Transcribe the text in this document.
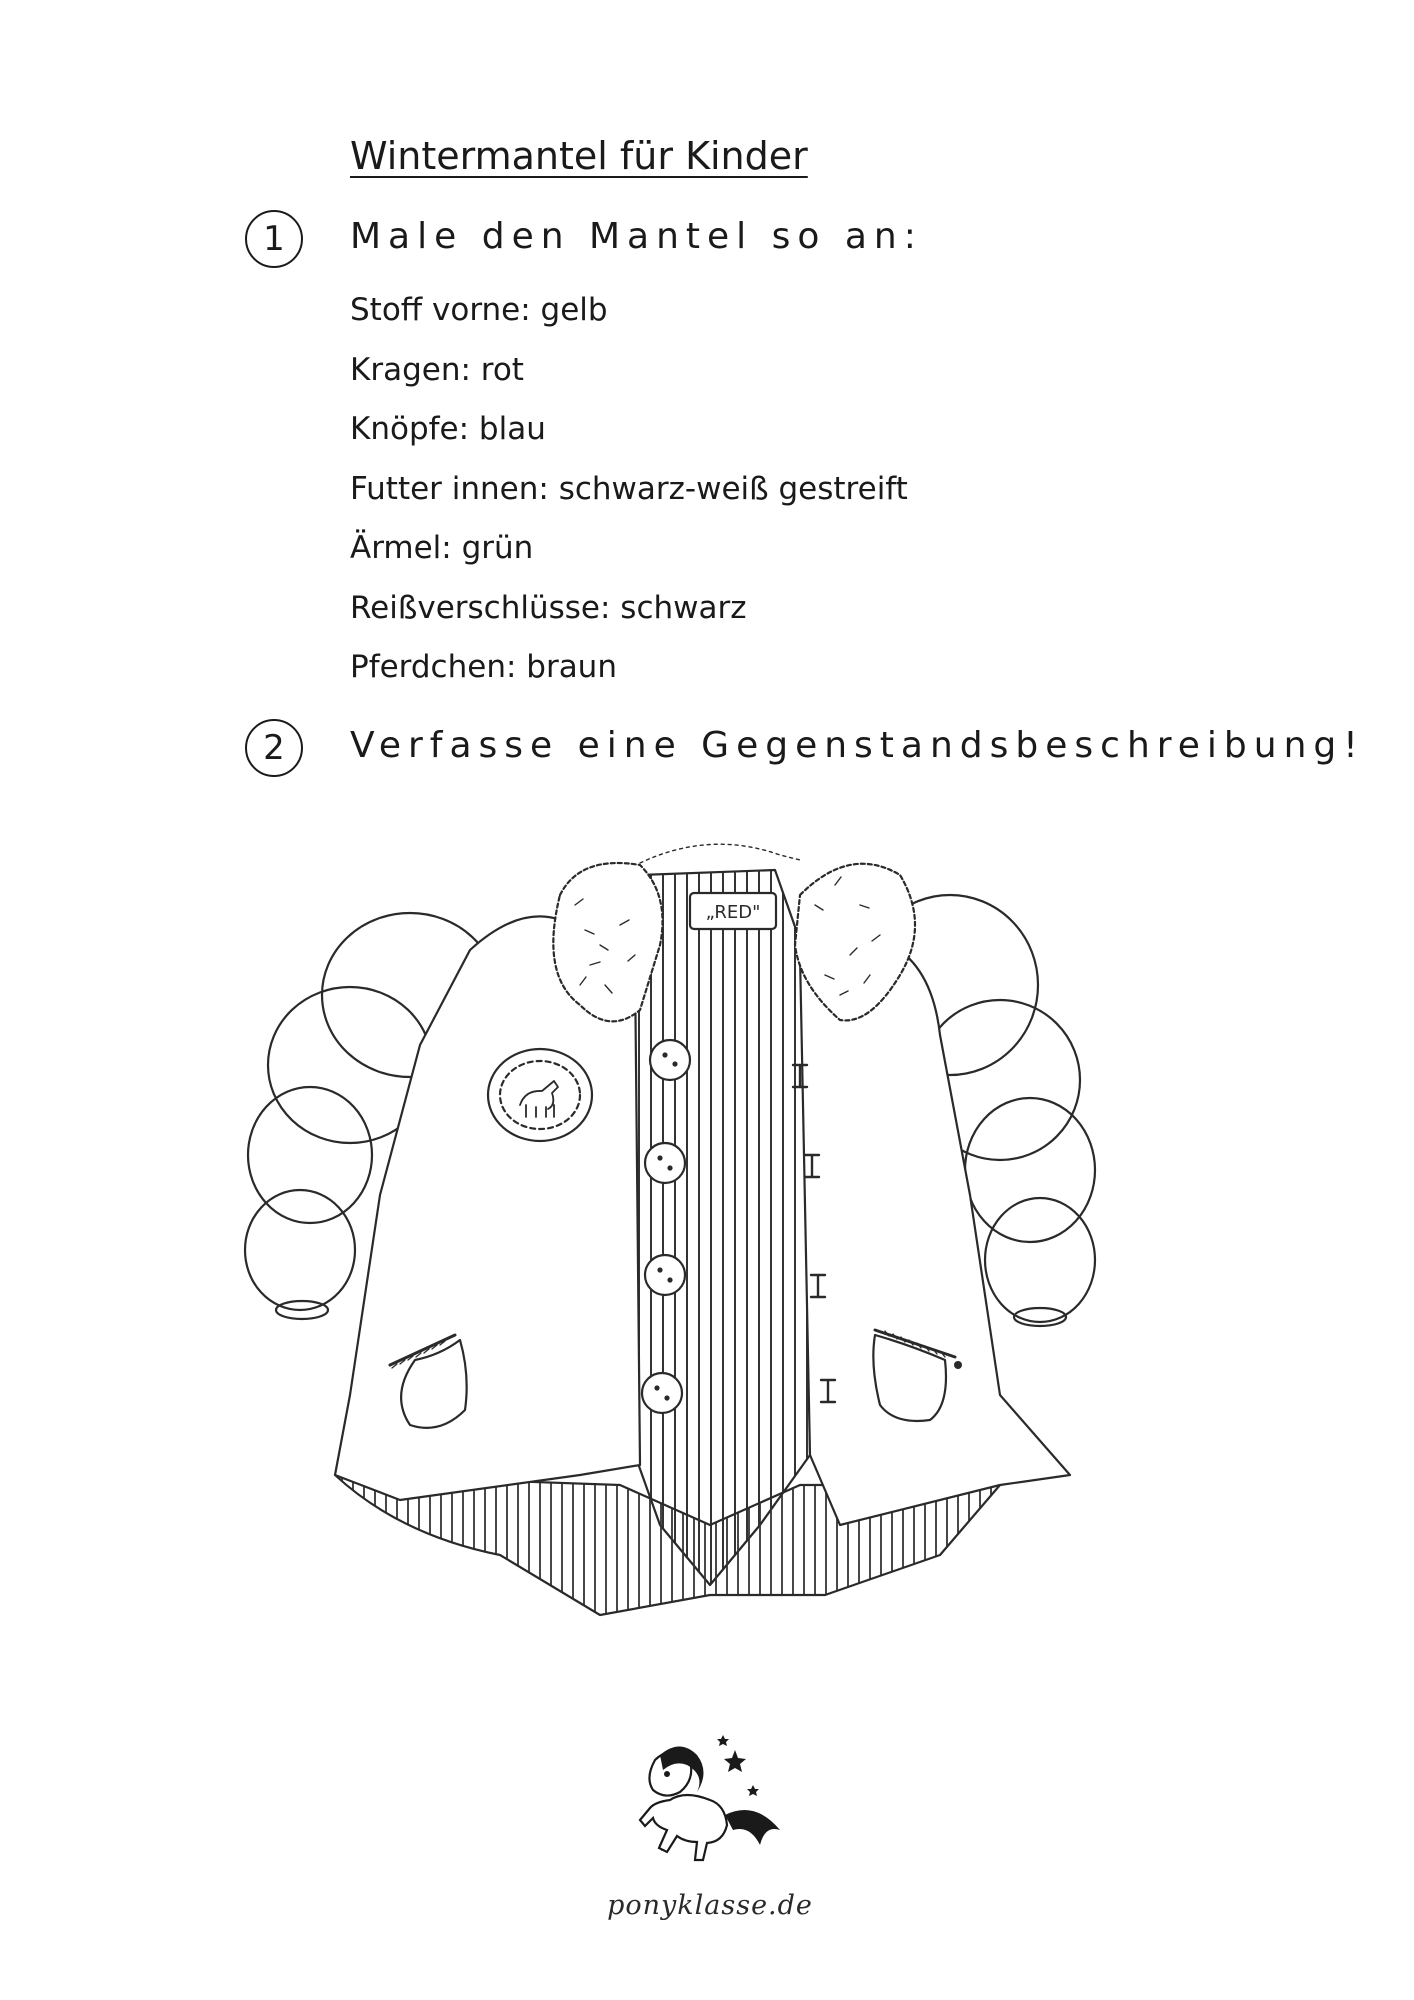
Wintermantel für Kinder
1	Male den Mantel so an:
Stoff vorne: gelb
Kragen: rot
Knöpfe: blau
Futter innen: schwarz-weiß gestreift
Ärmel: grün
Reißverschlüsse: schwarz
Pferdchen: braun
2	Verfasse eine Gegenstandsbeschreibung!
„RED"
ponyklasse.de
